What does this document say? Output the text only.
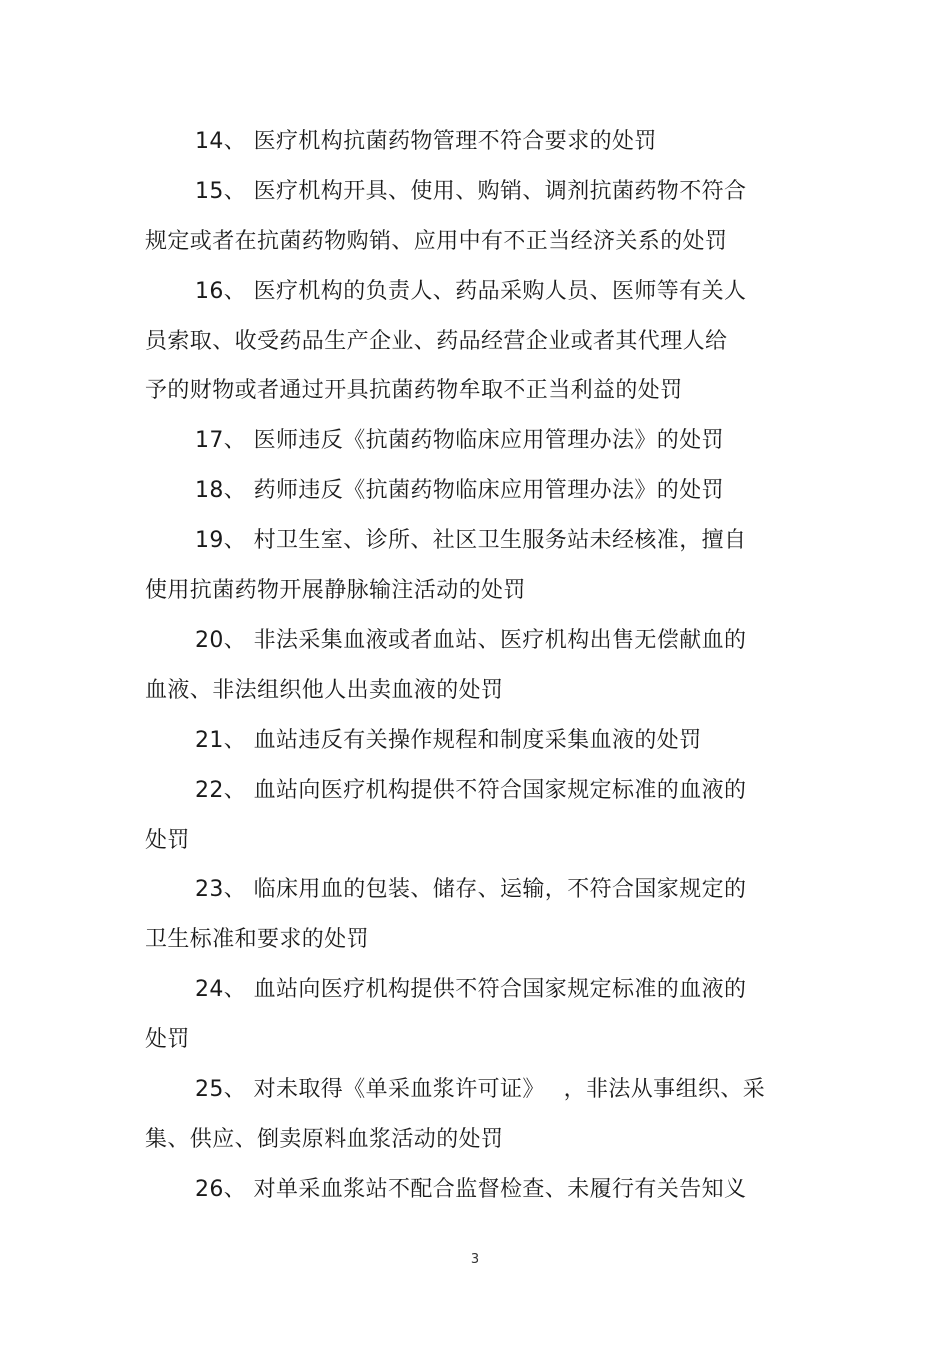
14、 医疗机构抗菌药物管理不符合要求的处罚
15、 医疗机构开具、使用、购销、调剂抗菌药物不符合
规定或者在抗菌药物购销、应用中有不正当经济关系的处罚
16、 医疗机构的负责人、药品采购人员、医师等有关人
员索取、收受药品生产企业、药品经营企业或者其代理人给
予的财物或者通过开具抗菌药物牟取不正当利益的处罚
17、 医师违反《抗菌药物临床应用管理办法》的处罚
18、 药师违反《抗菌药物临床应用管理办法》的处罚
19、 村卫生室、诊所、社区卫生服务站未经核准，擅自
使用抗菌药物开展静脉输注活动的处罚
20、 非法采集血液或者血站、医疗机构出售无偿献血的
血液、非法组织他人出卖血液的处罚
21、 血站违反有关操作规程和制度采集血液的处罚
22、 血站向医疗机构提供不符合国家规定标准的血液的
处罚
23、 临床用血的包装、储存、运输，不符合国家规定的
卫生标准和要求的处罚
24、 血站向医疗机构提供不符合国家规定标准的血液的
处罚
25、 对未取得《单采血浆许可证》　 ，非法从事组织、采
集、供应、倒卖原料血浆活动的处罚
26、 对单采血浆站不配合监督检查、未履行有关告知义
3
